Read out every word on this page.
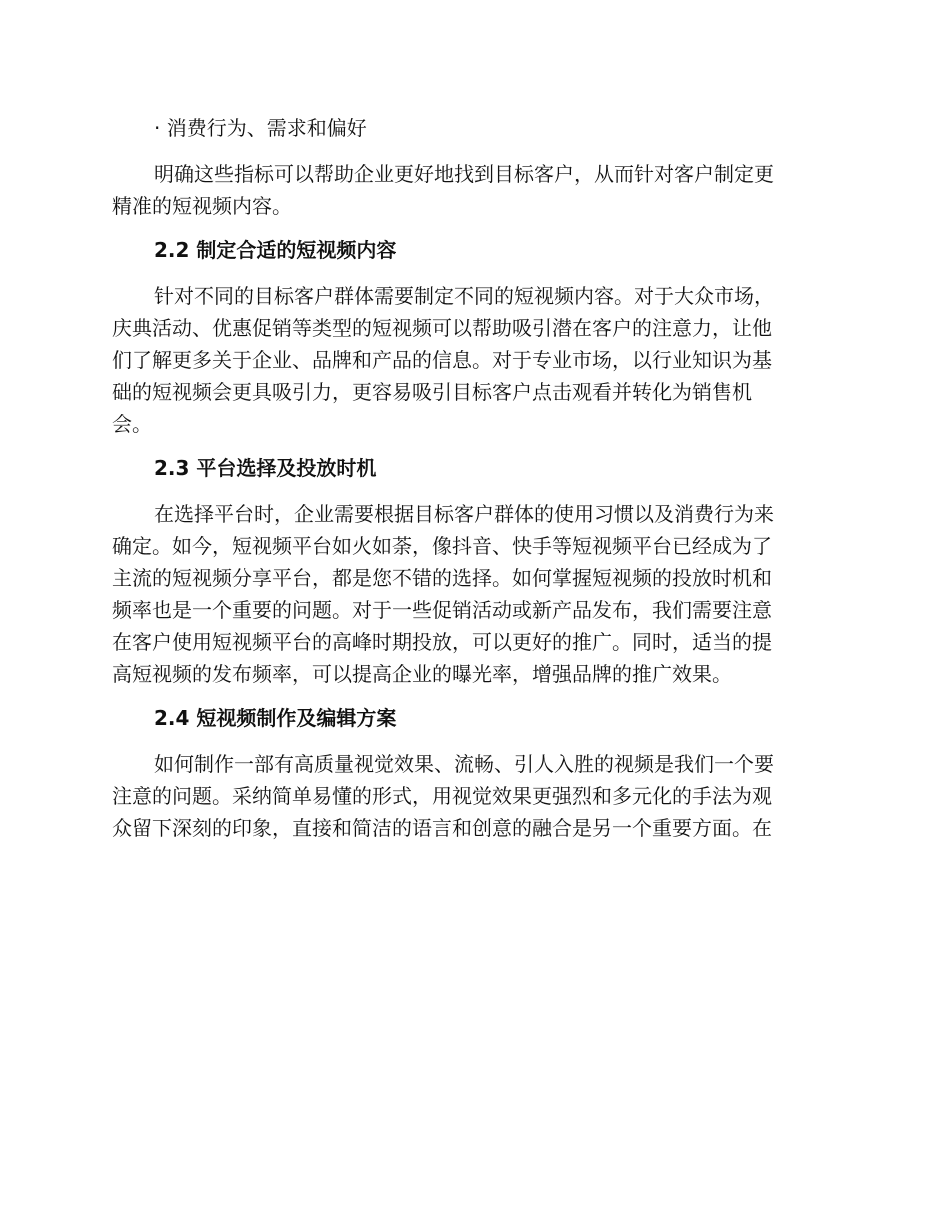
· 消费行为、需求和偏好

明确这些指标可以帮助企业更好地找到目标客户，从而针对客户制定更

精准的短视频内容。

2.2 制定合适的短视频内容

针对不同的目标客户群体需要制定不同的短视频内容。对于大众市场，

庆典活动、优惠促销等类型的短视频可以帮助吸引潜在客户的注意力，让他

们了解更多关于企业、品牌和产品的信息。对于专业市场，以行业知识为基

础的短视频会更具吸引力，更容易吸引目标客户点击观看并转化为销售机

会。

2.3 平台选择及投放时机

在选择平台时，企业需要根据目标客户群体的使用习惯以及消费行为来

确定。如今，短视频平台如火如荼，像抖音、快手等短视频平台已经成为了

主流的短视频分享平台，都是您不错的选择。如何掌握短视频的投放时机和

频率也是一个重要的问题。对于一些促销活动或新产品发布，我们需要注意

在客户使用短视频平台的高峰时期投放，可以更好的推广。同时，适当的提

高短视频的发布频率，可以提高企业的曝光率，增强品牌的推广效果。

2.4 短视频制作及编辑方案

如何制作一部有高质量视觉效果、流畅、引人入胜的视频是我们一个要

注意的问题。采纳简单易懂的形式，用视觉效果更强烈和多元化的手法为观

众留下深刻的印象，直接和简洁的语言和创意的融合是另一个重要方面。在
